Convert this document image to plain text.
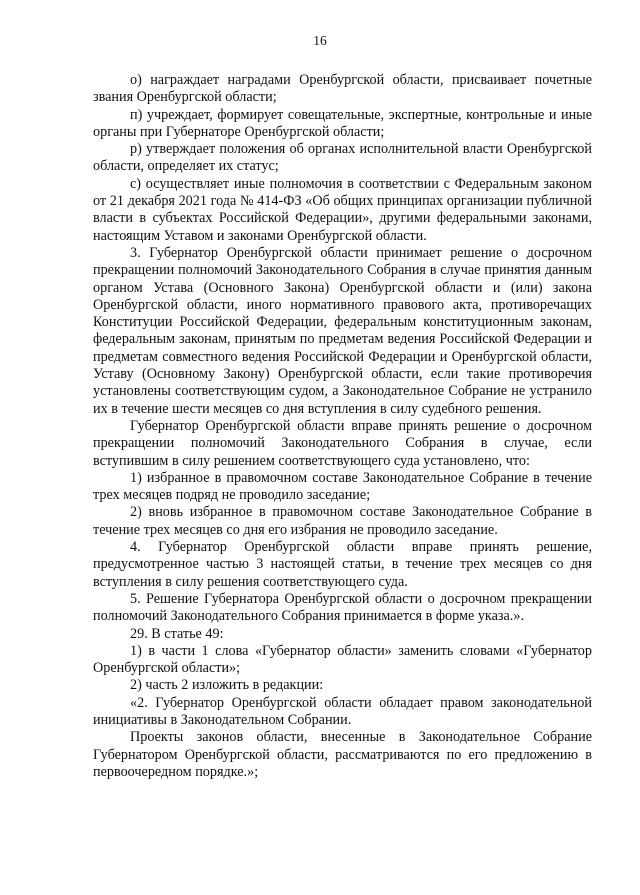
16

о) награждает наградами Оренбургской области, присваивает почетные звания Оренбургской области;

п) учреждает, формирует совещательные, экспертные, контрольные и иные органы при Губернаторе Оренбургской области;

р) утверждает положения об органах исполнительной власти Оренбургской области, определяет их статус;

с) осуществляет иные полномочия в соответствии с Федеральным законом от 21 декабря 2021 года № 414-ФЗ «Об общих принципах организации публичной власти в субъектах Российской Федерации», другими федеральными законами, настоящим Уставом и законами Оренбургской области.

3. Губернатор Оренбургской области принимает решение о досрочном прекращении полномочий Законодательного Собрания в случае принятия данным органом Устава (Основного Закона) Оренбургской области и (или) закона Оренбургской области, иного нормативного правового акта, противоречащих Конституции Российской Федерации, федеральным конституционным законам, федеральным законам, принятым по предметам ведения Российской Федерации и предметам совместного ведения Российской Федерации и Оренбургской области, Уставу (Основному Закону) Оренбургской области, если такие противоречия установлены соответствующим судом, а Законодательное Собрание не устранило их в течение шести месяцев со дня вступления в силу судебного решения.

Губернатор Оренбургской области вправе принять решение о досрочном прекращении полномочий Законодательного Собрания в случае, если вступившим в силу решением соответствующего суда установлено, что:

1) избранное в правомочном составе Законодательное Собрание в течение трех месяцев подряд не проводило заседание;

2) вновь избранное в правомочном составе Законодательное Собрание в течение трех месяцев со дня его избрания не проводило заседание.

4. Губернатор Оренбургской области вправе принять решение, предусмотренное частью 3 настоящей статьи, в течение трех месяцев со дня вступления в силу решения соответствующего суда.

5. Решение Губернатора Оренбургской области о досрочном прекращении полномочий Законодательного Собрания принимается в форме указа.».

29. В статье 49:

1) в части 1 слова «Губернатор области» заменить словами «Губернатор Оренбургской области»;

2) часть 2 изложить в редакции:

«2. Губернатор Оренбургской области обладает правом законодательной инициативы в Законодательном Собрании.

Проекты законов области, внесенные в Законодательное Собрание Губернатором Оренбургской области, рассматриваются по его предложению в первоочередном порядке.»;
